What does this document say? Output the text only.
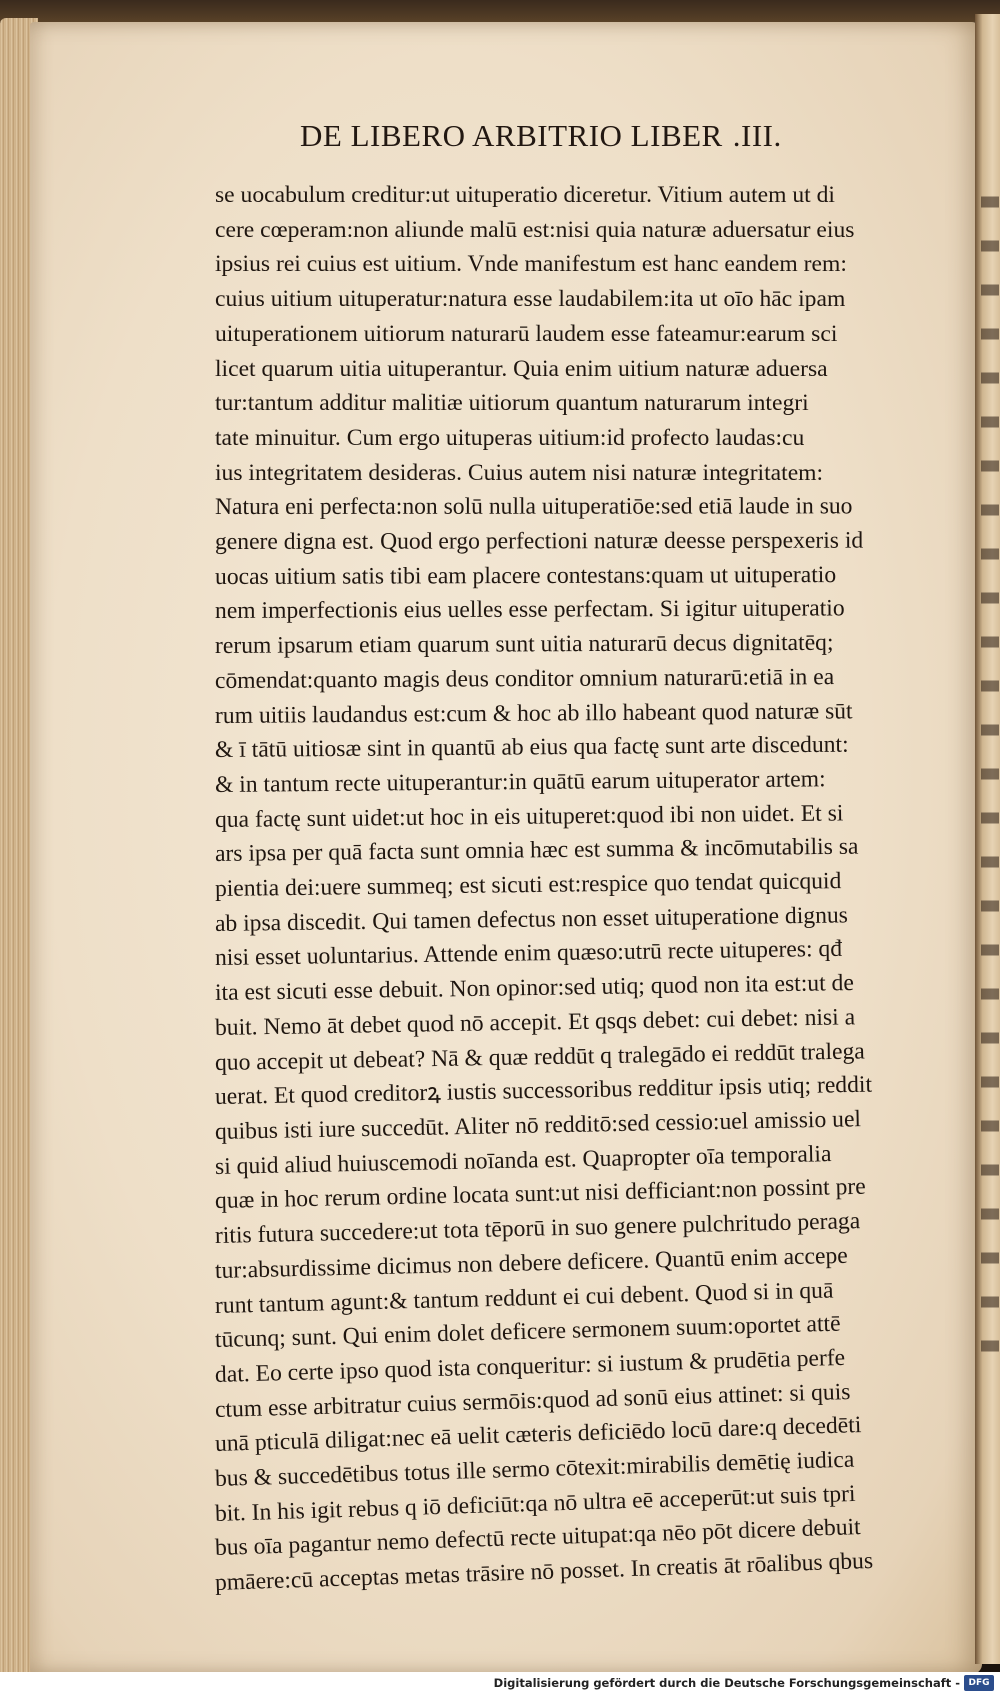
DE LIBERO ARBITRIO LIBER .III.
se uocabulum creditur:ut uituperatio diceretur. Vitium autem ut di
cere cœperam:non aliunde malū est:nisi quia naturæ aduersatur eius
ipsius rei cuius est uitium. Vnde manifestum est hanc eandem rem:
cuius uitium uituperatur:natura esse laudabilem:ita ut oīo hāc ipam
uituperationem uitiorum naturarū laudem esse fateamur:earum sci
licet quarum uitia uituperantur. Quia enim uitium naturæ aduersa
tur:tantum additur malitiæ uitiorum quantum naturarum integri
tate minuitur. Cum ergo uituperas uitium:id profecto laudas:cu
ius integritatem desideras. Cuius autem nisi naturæ integritatem:
Natura eni perfecta:non solū nulla uituperatiōe:sed etiā laude in suo
genere digna est. Quod ergo perfectioni naturæ deesse perspexeris id
uocas uitium satis tibi eam placere contestans:quam ut uituperatio
nem imperfectionis eius uelles esse perfectam. Si igitur uituperatio
rerum ipsarum etiam quarum sunt uitia naturarū decus dignitatēq;
cōmendat:quanto magis deus conditor omnium naturarū:etiā in ea
rum uitiis laudandus est:cum & hoc ab illo habeant quod naturæ sūt
& ī tātū uitiosæ sint in quantū ab eius qua factę sunt arte discedunt:
& in tantum recte uituperantur:in quātū earum uituperator artem:
qua factę sunt uidet:ut hoc in eis uituperet:quod ibi non uidet. Et si
ars ipsa per quā facta sunt omnia hæc est summa & incōmutabilis sa
pientia dei:uere summeq; est sicuti est:respice quo tendat quicquid
ab ipsa discedit. Qui tamen defectus non esset uituperatione dignus
nisi esset uoluntarius. Attende enim quæso:utrū recte uituperes: qđ
ita est sicuti esse debuit. Non opinor:sed utiq; quod non ita est:ut de
buit. Nemo āt debet quod nō accepit. Et qsqs debet: cui debet: nisi a
quo accepit ut debeat? Nā & quæ reddūt q tralegādo ei reddūt tralega
uerat. Et quod creditorꝝ iustis successoribus redditur ipsis utiq; reddit
quibus isti iure succedūt. Aliter nō redditō:sed cessio:uel amissio uel
si quid aliud huiuscemodi noīanda est. Quapropter oīa temporalia
quæ in hoc rerum ordine locata sunt:ut nisi defficiant:non possint pre
ritis futura succedere:ut tota tēporū in suo genere pulchritudo peraga
tur:absurdissime dicimus non debere deficere. Quantū enim accepe
runt tantum agunt:& tantum reddunt ei cui debent. Quod si in quā
tūcunq; sunt. Qui enim dolet deficere sermonem suum:oportet attē
dat. Eo certe ipso quod ista conqueritur: si iustum & prudētia perfe
ctum esse arbitratur cuius sermōis:quod ad sonū eius attinet: si quis
unā pticulā diligat:nec eā uelit cæteris deficiēdo locū dare:q decedēti
bus & succedētibus totus ille sermo cōtexit:mirabilis demētię iudica
bit. In his igit rebus q iō deficiūt:qa nō ultra eē acceperūt:ut suis tpri
bus oīa pagantur nemo defectū recte uitupat:qa nēo pōt dicere debuit
pmāere:cū acceptas metas trāsire nō posset. In creatis āt rōalibus qbus
Digitalisierung gefördert durch die Deutsche Forschungsgemeinschaft - DFG
